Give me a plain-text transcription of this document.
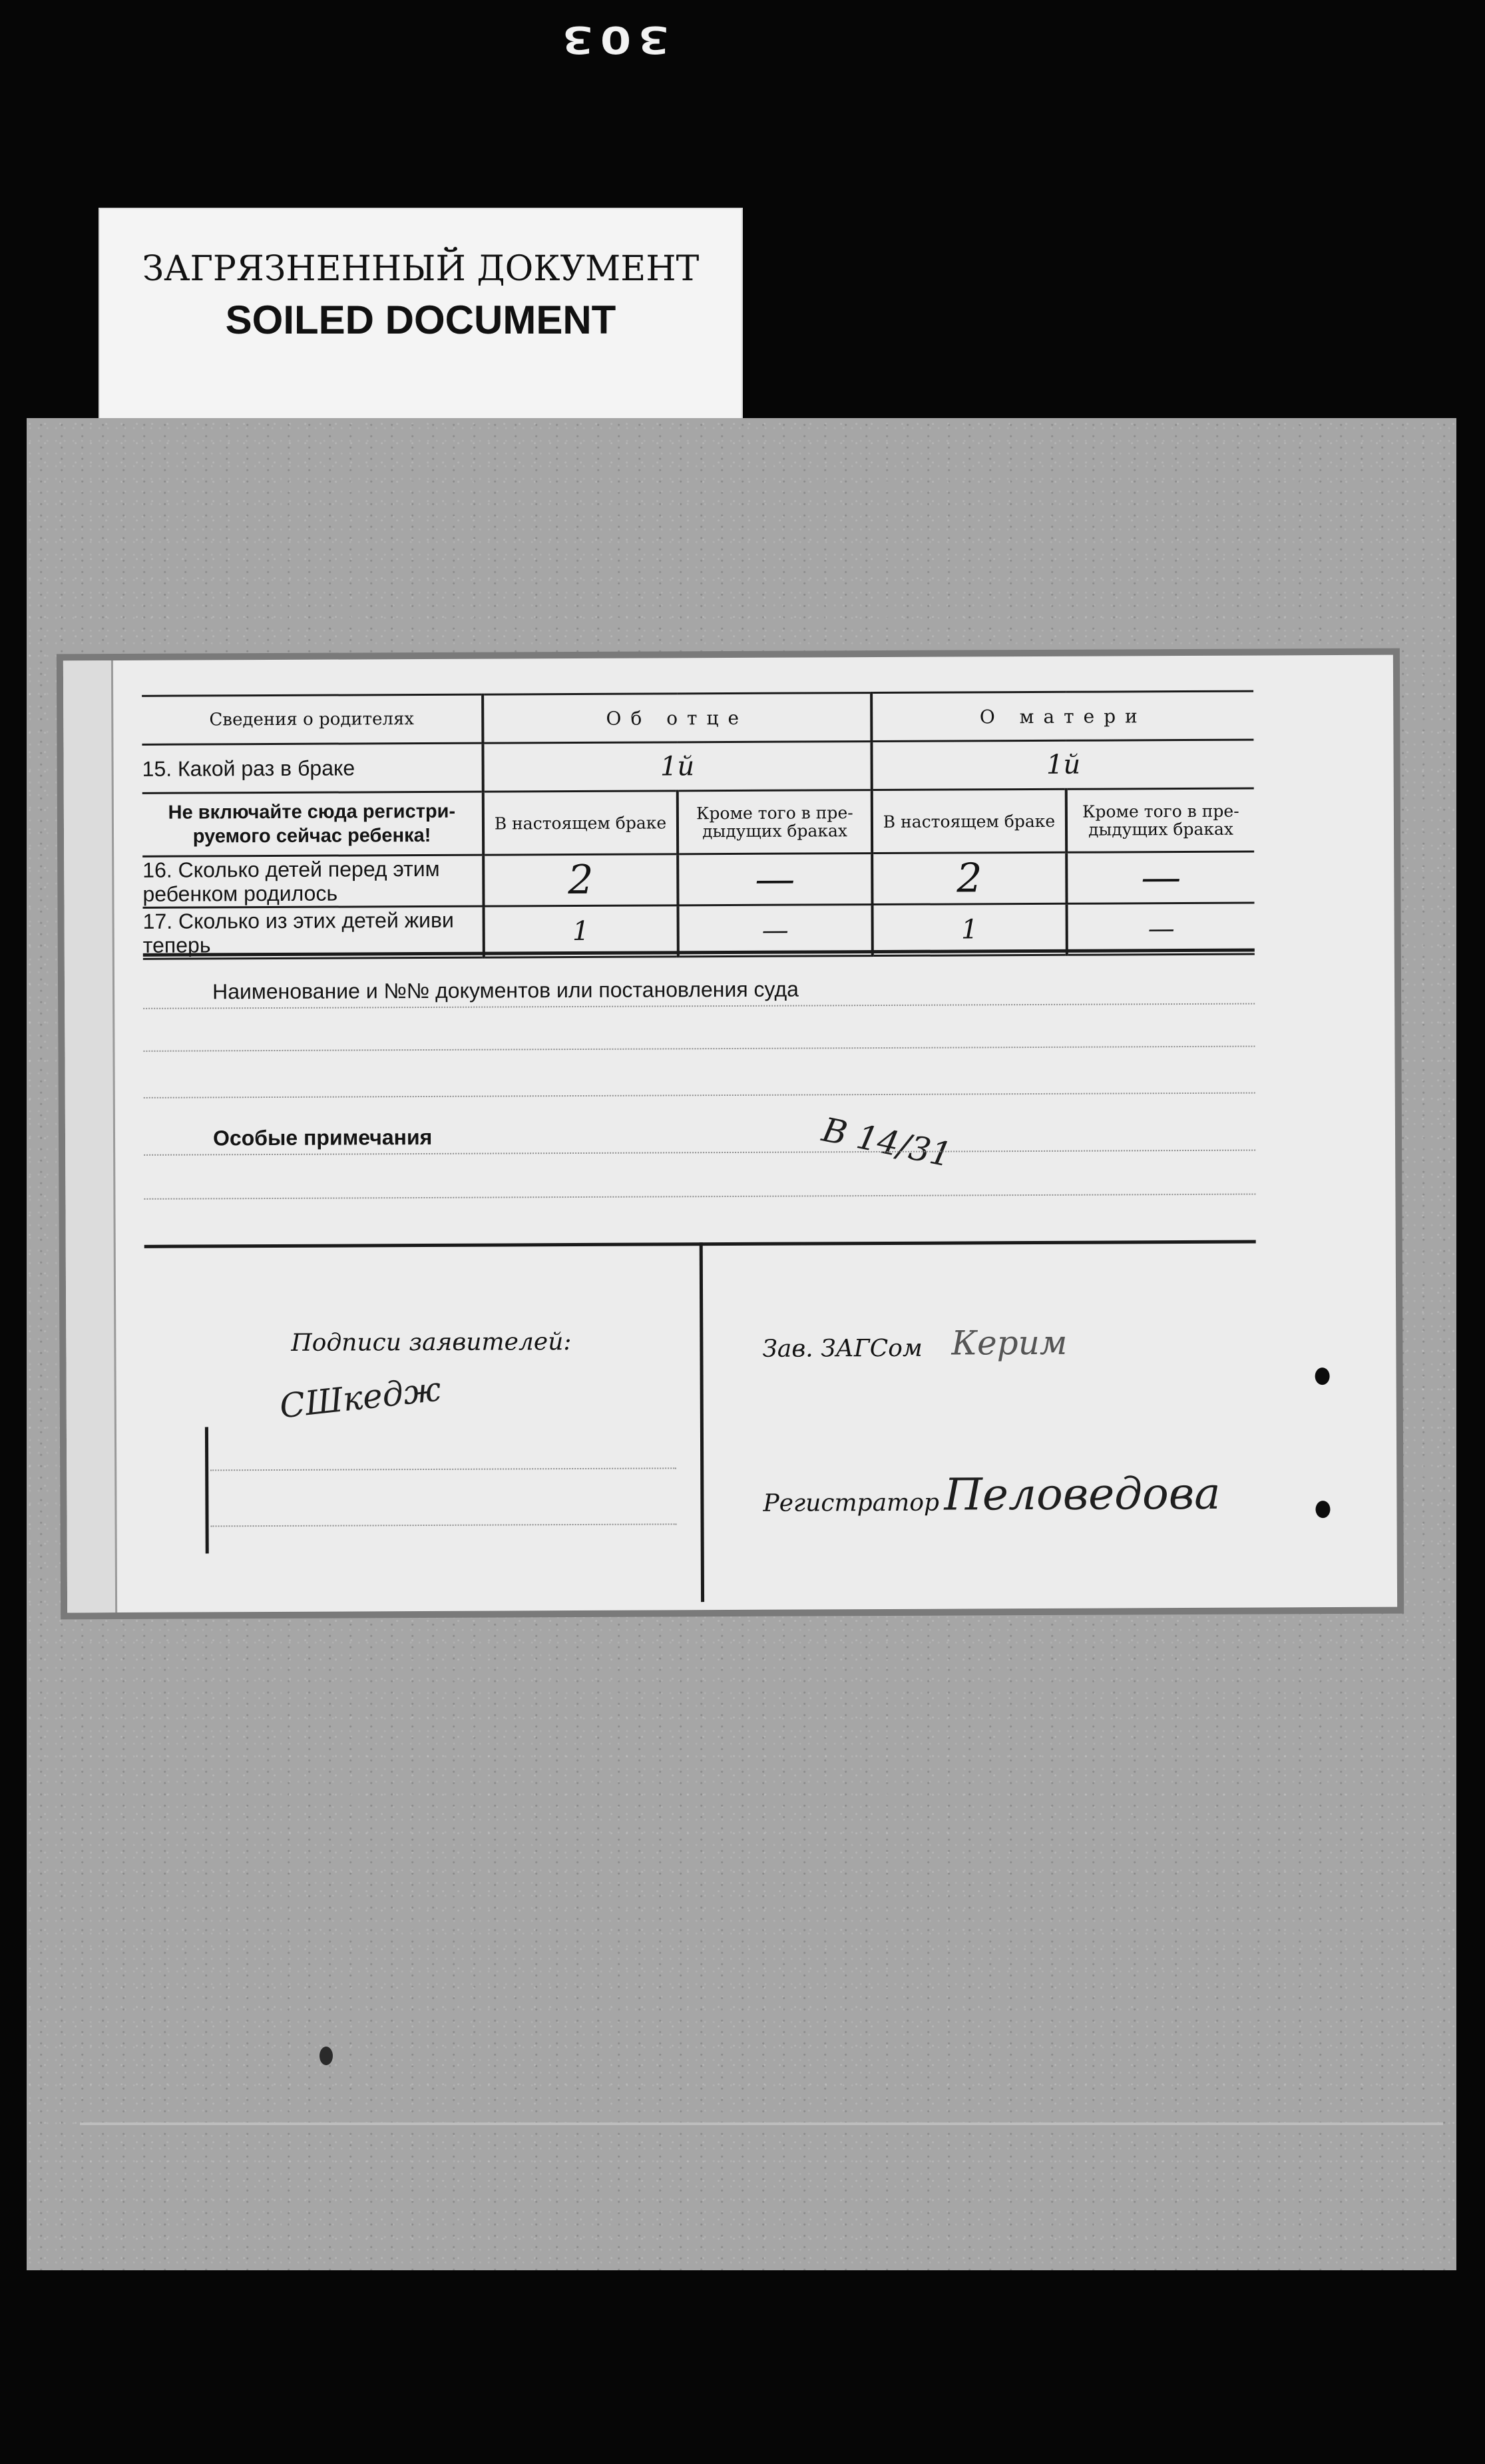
ЗОЗ
ЗАГРЯЗНЕННЫЙ ДОКУМЕНТ
SOILED DOCUMENT
Сведения о родителях	Об отце		О матери	
15. Какой раз в браке	1й		1й	
Не включайте сюда регистри-руемого сейчас ребенка!	В настоящем браке	Кроме того в пре-дыдущих браках	В настоящем браке	Кроме того в пре-дыдущих браках
16. Сколько детей перед этим ребенком родилось	2	—	2	—
17. Сколько из этих детей живи теперь	1	—	1	—
Наименование и №№ документов или постановления суда
Особые примечания	В 14/31
Подписи заявителей:
СШкедж
Зав. ЗАГСом Керим
Регистратор Пеловедова
